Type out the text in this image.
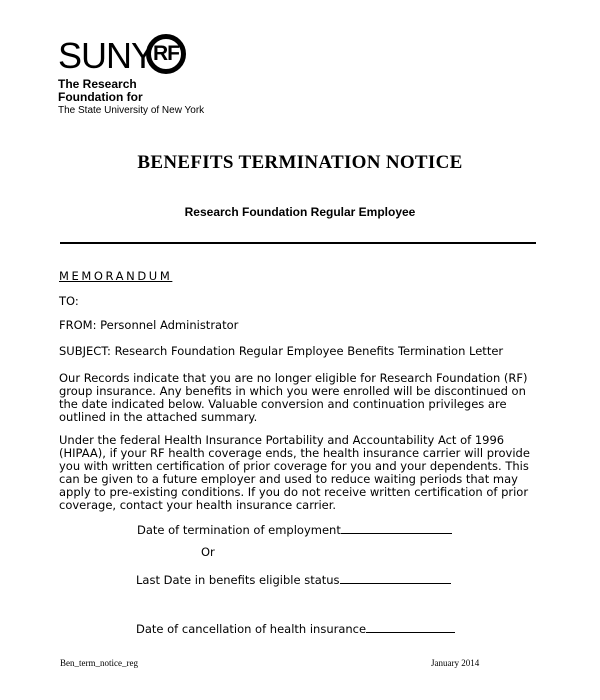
SUNY
RF
The Research
Foundation for
The State University of New York
BENEFITS TERMINATION NOTICE
Research Foundation Regular Employee
MEMORANDUM
TO:
FROM: Personnel Administrator
SUBJECT: Research Foundation Regular Employee Benefits Termination Letter
Our Records indicate that you are no longer eligible for Research Foundation (RF) group insurance. Any benefits in which you were enrolled will be discontinued on the date indicated below. Valuable conversion and continuation privileges are outlined in the attached summary.
Under the federal Health Insurance Portability and Accountability Act of 1996 (HIPAA), if your RF health coverage ends, the health insurance carrier will provide you with written certification of prior coverage for you and your dependents. This can be given to a future employer and used to reduce waiting periods that may apply to pre-existing conditions. If you do not receive written certification of prior coverage, contact your health insurance carrier.
Date of termination of employment
Or
Last Date in benefits eligible status
Date of cancellation of health insurance
Ben_term_notice_reg	January 2014
